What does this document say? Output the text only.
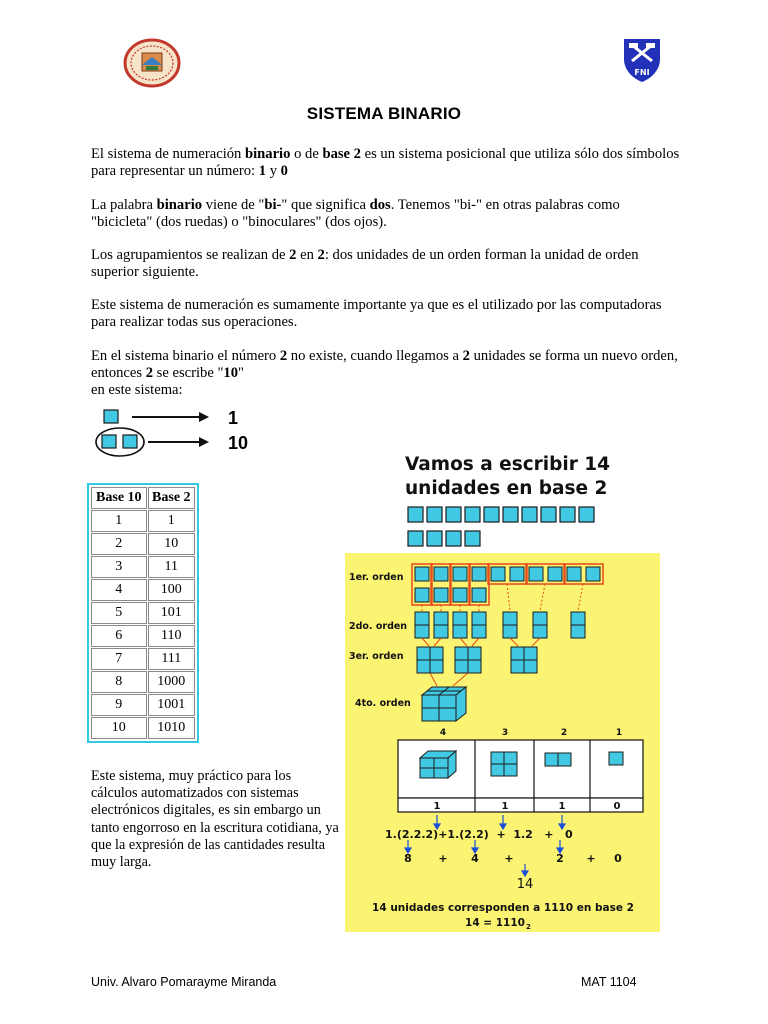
FNI
SISTEMA BINARIO
El sistema de numeración binario o de base 2 es un sistema posicional que utiliza sólo dos símbolos para representar un número: 1 y 0
La palabra binario viene de "bi-" que significa dos. Tenemos "bi-" en otras palabras como "bicicleta" (dos ruedas) o "binoculares" (dos ojos).
Los agrupamientos se realizan de 2 en 2: dos unidades de un orden forman la unidad de orden superior siguiente.
Este sistema de numeración es sumamente importante ya que es el utilizado por las computadoras para realizar todas sus operaciones.
En el sistema binario el número 2 no existe, cuando llegamos a 2 unidades se forma un nuevo orden, entonces 2 se escribe "10"
en este sistema:
1
10
Base 10	Base 2
1	1
2	10
3	11
4	100
5	101
6	110
7	111
8	1000
9	1001
10	1010
Este sistema, muy práctico para los cálculos automatizados con sistemas electrónicos digitales, es sin embargo un tanto engorroso en la escritura cotidiana, ya que la expresión de las cantidades resulta muy larga.
Vamos a escribir 14
unidades en base 2
1er. orden
2do. orden
3er. orden
4to. orden
4	3	2	1
1	1	1	0
1.(2.2.2)+1.(2.2)  +  1.2   +   0
8 + 4 +	2 + 0
14
14 unidades corresponden a 1110 en base 2
14 = 1110 2
Univ. Alvaro Pomarayme Miranda	MAT 1104
